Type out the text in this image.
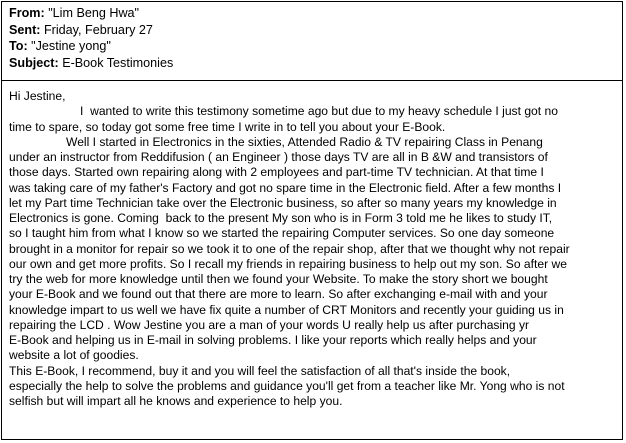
From: "Lim Beng Hwa"
Sent: Friday, February 27
To: "Jestine yong"
Subject: E-Book Testimonies
Hi Jestine,
I  wanted to write this testimony sometime ago but due to my heavy schedule I just got no
time to spare, so today got some free time I write in to tell you about your E-Book.
Well I started in Electronics in the sixties, Attended Radio & TV repairing Class in Penang
under an instructor from Reddifusion ( an Engineer ) those days TV are all in B &W and transistors of
those days. Started own repairing along with 2 employees and part-time TV technician. At that time I
was taking care of my father's Factory and got no spare time in the Electronic field. After a few months I
let my Part time Technician take over the Electronic business, so after so many years my knowledge in
Electronics is gone. Coming  back to the present My son who is in Form 3 told me he likes to study IT,
so I taught him from what I know so we started the repairing Computer services. So one day someone
brought in a monitor for repair so we took it to one of the repair shop, after that we thought why not repair
our own and get more profits. So I recall my friends in repairing business to help out my son. So after we
try the web for more knowledge until then we found your Website. To make the story short we bought
your E-Book and we found out that there are more to learn. So after exchanging e-mail with and your
knowledge impart to us well we have fix quite a number of CRT Monitors and recently your guiding us in
repairing the LCD . Wow Jestine you are a man of your words U really help us after purchasing yr
E-Book and helping us in E-mail in solving problems. I like your reports which really helps and your
website a lot of goodies.
This E-Book, I recommend, buy it and you will feel the satisfaction of all that's inside the book,
especially the help to solve the problems and guidance you'll get from a teacher like Mr. Yong who is not
selfish but will impart all he knows and experience to help you.
